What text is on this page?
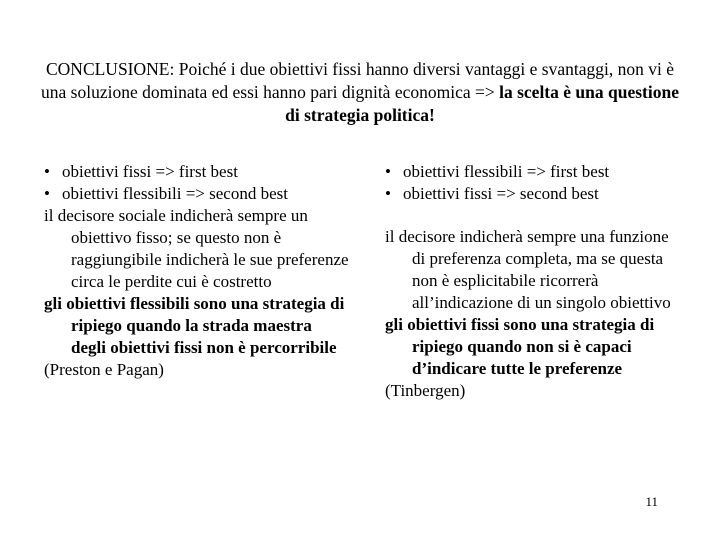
CONCLUSIONE: Poiché i due obiettivi fissi hanno diversi vantaggi e svantaggi, non vi è una soluzione dominata ed essi hanno pari dignità economica => la scelta è una questione di strategia politica!
• obiettivi fissi => first best
• obiettivi flessibili => second best

il decisore sociale indicherà sempre un obiettivo fisso; se questo non è raggiungibile indicherà le sue preferenze circa le perdite cui è costretto

gli obiettivi flessibili sono una strategia di ripiego quando la strada maestra degli obiettivi fissi non è percorribile

(Preston e Pagan)

• obiettivi flessibili => first best
• obiettivi fissi => second best

il decisore indicherà sempre una funzione di preferenza completa, ma se questa non è esplicitabile ricorrerà all’indicazione di un singolo obiettivo

gli obiettivi fissi sono una strategia di ripiego quando non si è capaci d’indicare tutte le preferenze

(Tinbergen)

11
